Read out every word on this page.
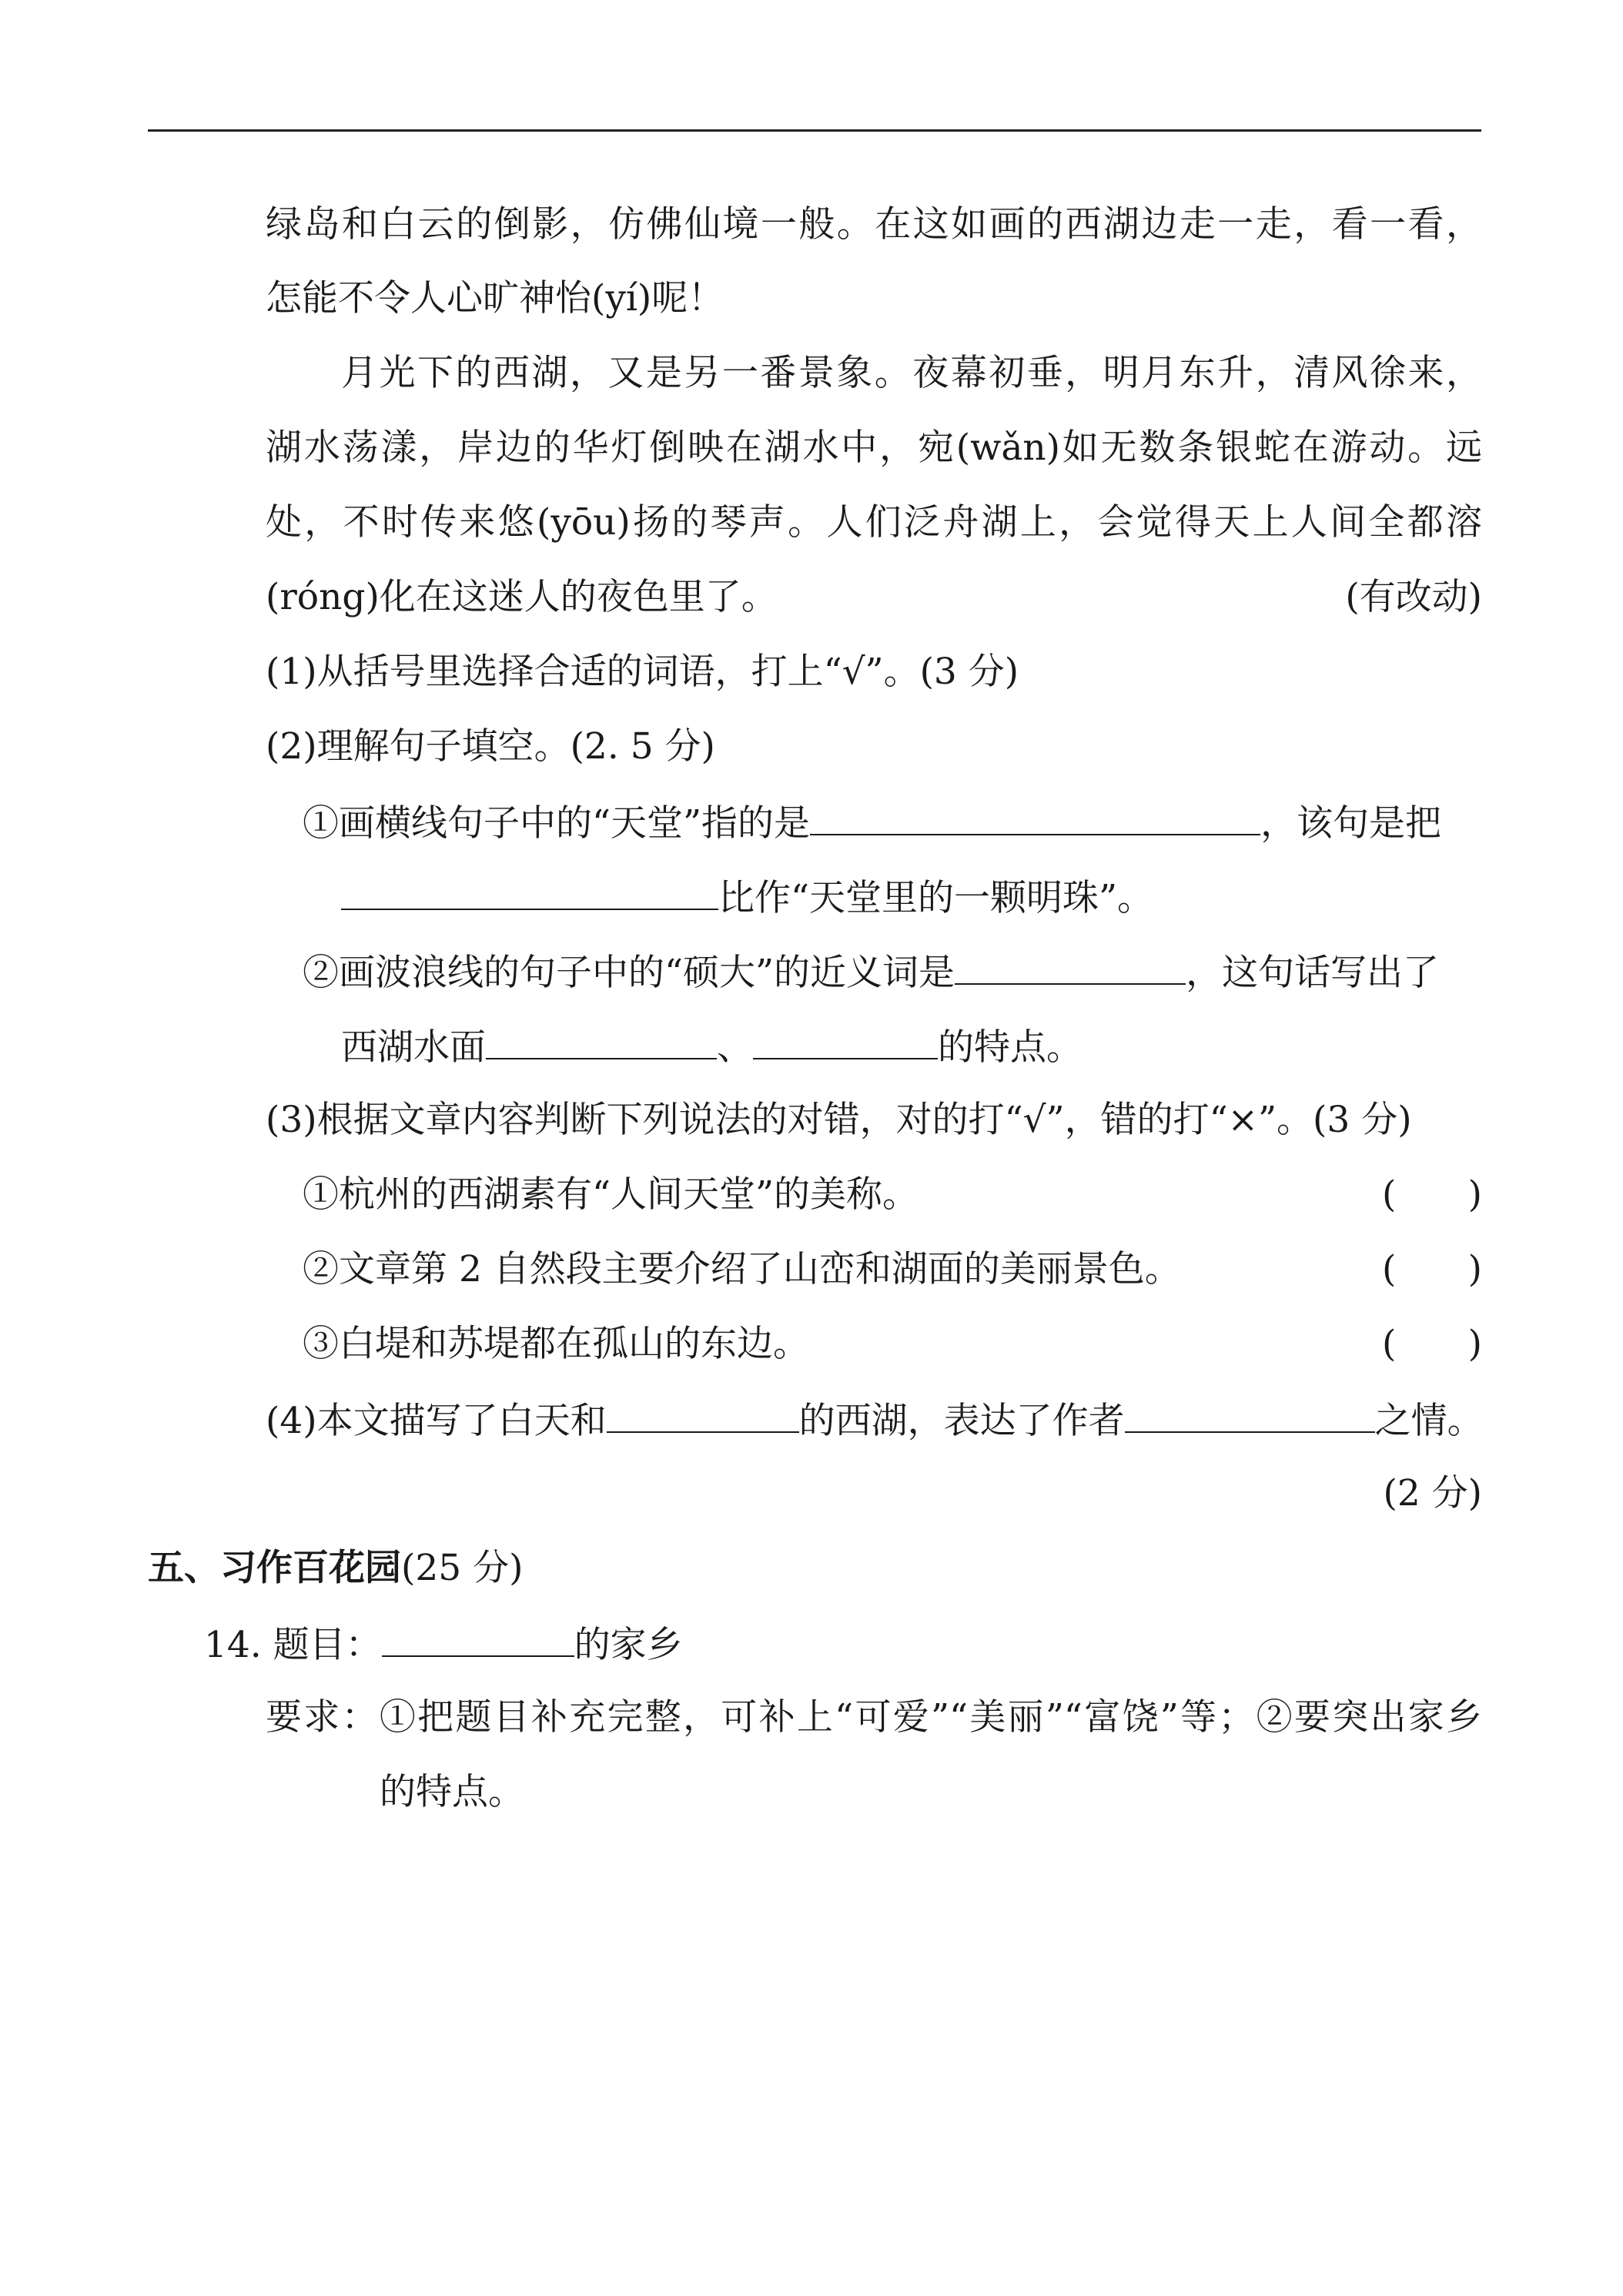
绿岛和白云的倒影，仿佛仙境一般。在这如画的西湖边走一走，看一看，
怎能不令人心旷神怡(yí)呢！
月光下的西湖，又是另一番景象。夜幕初垂，明月东升，清风徐来，
湖水荡漾，岸边的华灯倒映在湖水中，宛(wǎn)如无数条银蛇在游动。远
处，不时传来悠(yōu)扬的琴声。人们泛舟湖上，会觉得天上人间全都溶
(róng)化在这迷人的夜色里了。	(有改动)
(1)从括号里选择合适的词语，打上“√”。(3 分)
(2)理解句子填空。(2. 5 分)
①画横线句子中的“天堂”指的是	，该句是把
比作“天堂里的一颗明珠”。
②画波浪线的句子中的“硕大”的近义词是	，这句话写出了
西湖水面	、	的特点。
(3)根据文章内容判断下列说法的对错，对的打“√”，错的打“×”。(3 分)
①杭州的西湖素有“人间天堂”的美称。	( )
②文章第 2 自然段主要介绍了山峦和湖面的美丽景色。	( )
③白堤和苏堤都在孤山的东边。	( )
(4)本文描写了白天和	的西湖，表达了作者	之情。
(2 分)
五、习作百花园(25 分)
14. 题目：	的家乡
要求：①把题目补充完整，可补上“可爱”“美丽”“富饶”等；②要突出家乡
的特点。
